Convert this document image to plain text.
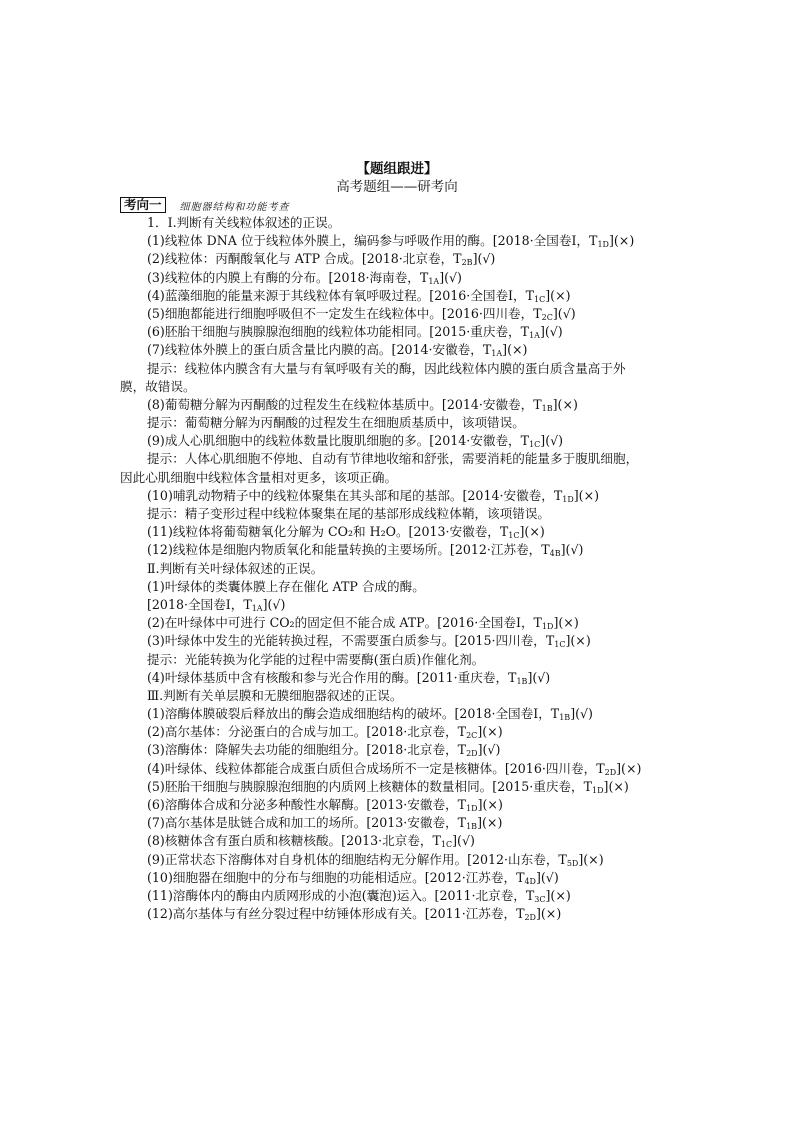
【题组跟进】
高考题组——研考向
考向一	细胞器结构和功能考查
1．Ⅰ.判断有关线粒体叙述的正误。
(1)线粒体 DNA 位于线粒体外膜上，编码参与呼吸作用的酶。[2018·全国卷Ⅰ，$T_{1D}](\times)$
(2)线粒体：丙酮酸氧化与 ATP 合成。[2018·北京卷，$T_{2B}](√)$
(3)线粒体的内膜上有酶的分布。[2018·海南卷，$T_{1A}](√)$
(4)蓝藻细胞的能量来源于其线粒体有氧呼吸过程。[2016·全国卷Ⅰ，$T_{1C}](\times)$
(5)细胞都能进行细胞呼吸但不一定发生在线粒体中。[2016·四川卷，$T_{2C}](√)$
(6)胚胎干细胞与胰腺腺泡细胞的线粒体功能相同。[2015·重庆卷，$T_{1A}](√)$
(7)线粒体外膜上的蛋白质含量比内膜的高。[2014·安徽卷，$T_{1A}](\times)$
提示：线粒体内膜含有大量与有氧呼吸有关的酶，因此线粒体内膜的蛋白质含量高于外
膜，故错误。
(8)葡萄糖分解为丙酮酸的过程发生在线粒体基质中。[2014·安徽卷，$T_{1B}](\times)$
提示：葡萄糖分解为丙酮酸的过程发生在细胞质基质中，该项错误。
(9)成人心肌细胞中的线粒体数量比腹肌细胞的多。[2014·安徽卷，$T_{1C}](√)$
提示：人体心肌细胞不停地、自动有节律地收缩和舒张，需要消耗的能量多于腹肌细胞，
因此心肌细胞中线粒体含量相对更多，该项正确。
(10)哺乳动物精子中的线粒体聚集在其头部和尾的基部。[2014·安徽卷，$T_{1D}](\times)$
提示：精子变形过程中线粒体聚集在尾的基部形成线粒体鞘，该项错误。
(11)线粒体将葡萄糖氧化分解为 CO₂和 H₂O。[2013·安徽卷，$T_{1C}](\times)$
(12)线粒体是细胞内物质氧化和能量转换的主要场所。[2012·江苏卷，$T_{4B}](√)$
Ⅱ.判断有关叶绿体叙述的正误。
(1)叶绿体的类囊体膜上存在催化 ATP 合成的酶。
[2018·全国卷Ⅰ，$T_{1A}](√)$
(2)在叶绿体中可进行 CO₂的固定但不能合成 ATP。[2016·全国卷Ⅰ，$T_{1D}](\times)$
(3)叶绿体中发生的光能转换过程，不需要蛋白质参与。[2015·四川卷，$T_{1C}](\times)$
提示：光能转换为化学能的过程中需要酶(蛋白质)作催化剂。
(4)叶绿体基质中含有核酸和参与光合作用的酶。[2011·重庆卷，$T_{1B}](√)$
Ⅲ.判断有关单层膜和无膜细胞器叙述的正误。
(1)溶酶体膜破裂后释放出的酶会造成细胞结构的破坏。[2018·全国卷Ⅰ，$T_{1B}](√)$
(2)高尔基体：分泌蛋白的合成与加工。[2018·北京卷，$T_{2C}](\times)$
(3)溶酶体：降解失去功能的细胞组分。[2018·北京卷，$T_{2D}](√)$
(4)叶绿体、线粒体都能合成蛋白质但合成场所不一定是核糖体。[2016·四川卷，$T_{2D}](\times)$
(5)胚胎干细胞与胰腺腺泡细胞的内质网上核糖体的数量相同。[2015·重庆卷，$T_{1D}](\times)$
(6)溶酶体合成和分泌多种酸性水解酶。[2013·安徽卷，$T_{1D}](\times)$
(7)高尔基体是肽链合成和加工的场所。[2013·安徽卷，$T_{1B}](\times)$
(8)核糖体含有蛋白质和核糖核酸。[2013·北京卷，$T_{1C}](√)$
(9)正常状态下溶酶体对自身机体的细胞结构无分解作用。[2012·山东卷，$T_{5D}](\times)$
(10)细胞器在细胞中的分布与细胞的功能相适应。[2012·江苏卷，$T_{4D}](√)$
(11)溶酶体内的酶由内质网形成的小泡(囊泡)运入。[2011·北京卷，$T_{3C}](\times)$
(12)高尔基体与有丝分裂过程中纺锤体形成有关。[2011·江苏卷，$T_{2D}](\times)$
